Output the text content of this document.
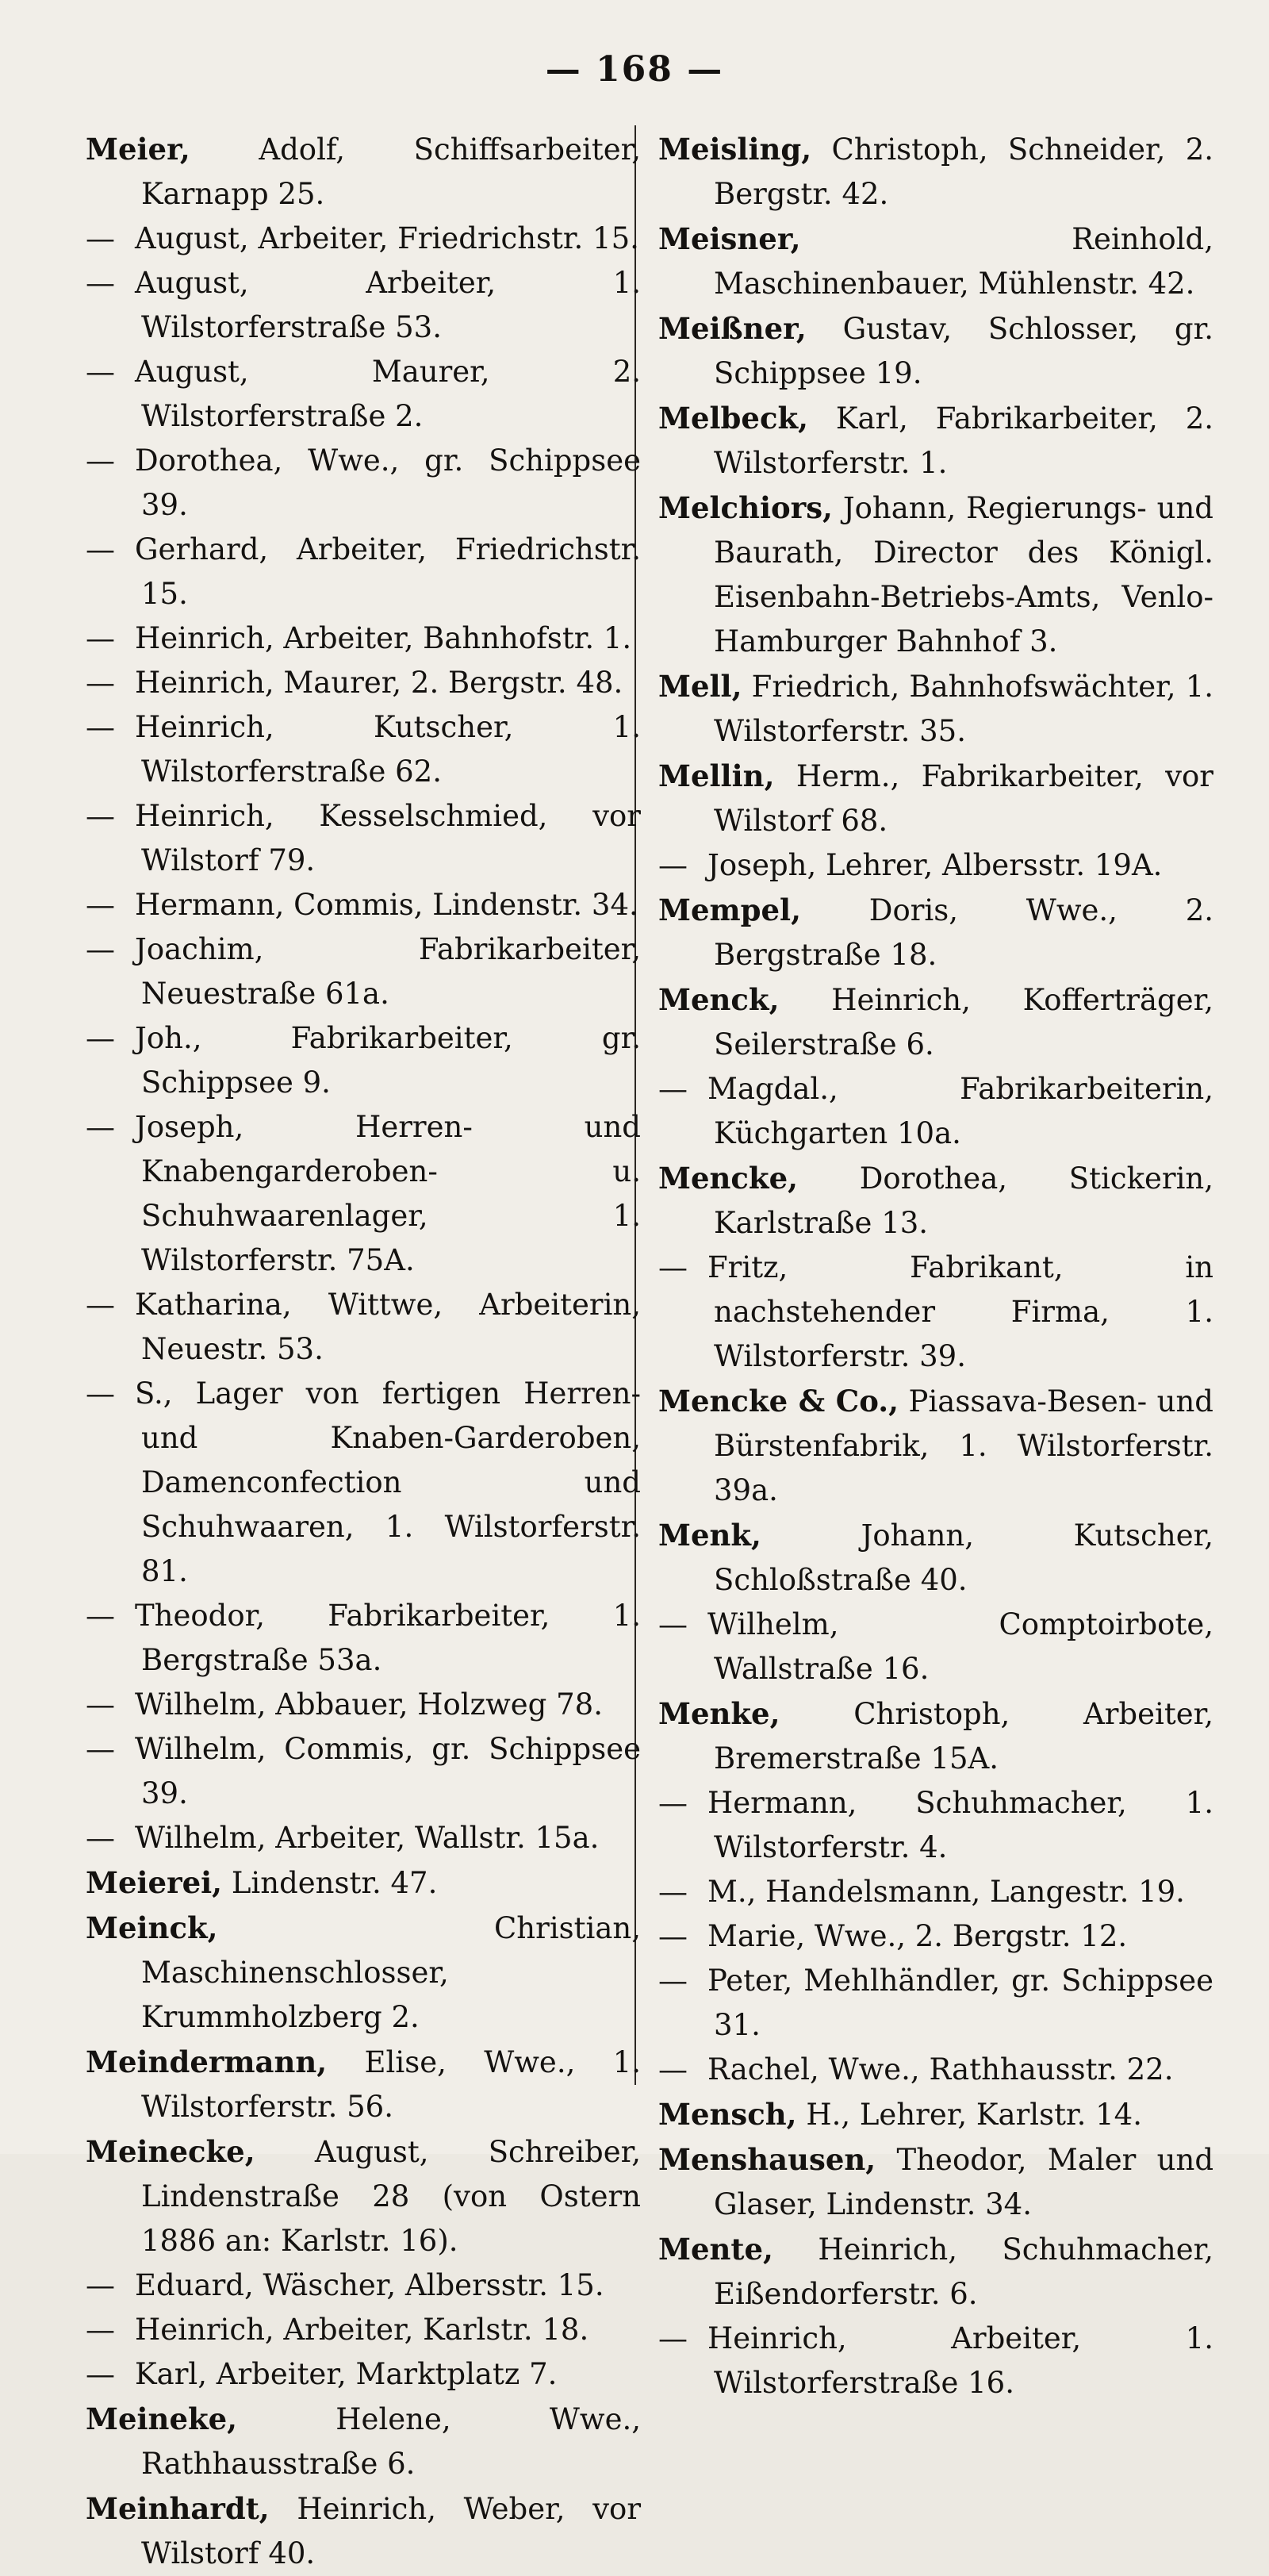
— 168 —

Meier, Adolf, Schiffsarbeiter, Karnapp 25.

— August, Arbeiter, Friedrichstr. 15.

— August, Arbeiter, 1. Wilstorferstraße 53.

— August, Maurer, 2. Wilstorferstraße 2.

— Dorothea, Wwe., gr. Schippsee 39.

— Gerhard, Arbeiter, Friedrichstr. 15.

— Heinrich, Arbeiter, Bahnhofstr. 1.

— Heinrich, Maurer, 2. Bergstr. 48.

— Heinrich, Kutscher, 1. Wilstorferstraße 62.

— Heinrich, Kesselschmied, vor Wilstorf 79.

— Hermann, Commis, Lindenstr. 34.

— Joachim, Fabrikarbeiter, Neuestraße 61a.

— Joh., Fabrikarbeiter, gr. Schippsee 9.

— Joseph, Herren- und Knabengarderoben- u. Schuhwaarenlager, 1. Wilstorferstr. 75A.

— Katharina, Wittwe, Arbeiterin, Neuestr. 53.

— S., Lager von fertigen Herren- und Knaben-Garderoben, Damenconfection und Schuhwaaren, 1. Wilstorferstr. 81.

— Theodor, Fabrikarbeiter, 1. Bergstraße 53a.

— Wilhelm, Abbauer, Holzweg 78.

— Wilhelm, Commis, gr. Schippsee 39.

— Wilhelm, Arbeiter, Wallstr. 15a.

Meierei, Lindenstr. 47.

Meinck,	Christian, Maschinenschlosser, Krummholzberg 2.

Meindermann, Elise, Wwe., 1. Wilstorferstr. 56.

Meinecke, August, Schreiber, Lindenstraße 28 (von Ostern 1886 an: Karlstr. 16).

— Eduard, Wäscher, Albersstr. 15.

— Heinrich, Arbeiter, Karlstr. 18.

— Karl, Arbeiter, Marktplatz 7.

Meineke,	Helene, Wwe., Rathhausstraße 6.

Meinhardt, Heinrich, Weber, vor Wilstorf 40.

Meisling, Christoph, Schneider, 2. Bergstr. 42.

Meisner,	Reinhold, Maschinenbauer, Mühlenstr. 42.

Meißner, Gustav, Schlosser, gr. Schippsee 19.

Melbeck, Karl, Fabrikarbeiter, 2. Wilstorferstr. 1.

Melchiors, Johann, Regierungs- und Baurath, Director des Königl. Eisenbahn-Betriebs-Amts, Venlo-Hamburger Bahnhof 3.

Mell, Friedrich, Bahnhofswächter, 1. Wilstorferstr. 35.

Mellin, Herm., Fabrikarbeiter, vor Wilstorf 68.

— Joseph, Lehrer, Albersstr. 19A.

Mempel, Doris, Wwe., 2. Bergstraße 18.

Menck, Heinrich, Kofferträger, Seilerstraße 6.

— Magdal., Fabrikarbeiterin, Küchgarten 10a.

Mencke, Dorothea, Stickerin, Karlstraße 13.

— Fritz, Fabrikant, in nachstehender Firma, 1. Wilstorferstr. 39.

Mencke & Co., Piassava-Besen- und Bürstenfabrik, 1. Wilstorferstr. 39a.

Menk,	Johann, Kutscher, Schloßstraße 40.

— Wilhelm, Comptoirbote, Wallstraße 16.

Menke,	Christoph, Arbeiter, Bremerstraße 15A.

— Hermann, Schuhmacher, 1. Wilstorferstr. 4.

— M., Handelsmann, Langestr. 19.

— Marie, Wwe., 2. Bergstr. 12.

— Peter, Mehlhändler, gr. Schippsee 31.

— Rachel, Wwe., Rathhausstr. 22.

Mensch, H., Lehrer, Karlstr. 14.

Menshausen, Theodor, Maler und Glaser, Lindenstr. 34.

Mente, Heinrich, Schuhmacher, Eißendorferstr. 6.

— Heinrich, Arbeiter, 1. Wilstorferstraße 16.
